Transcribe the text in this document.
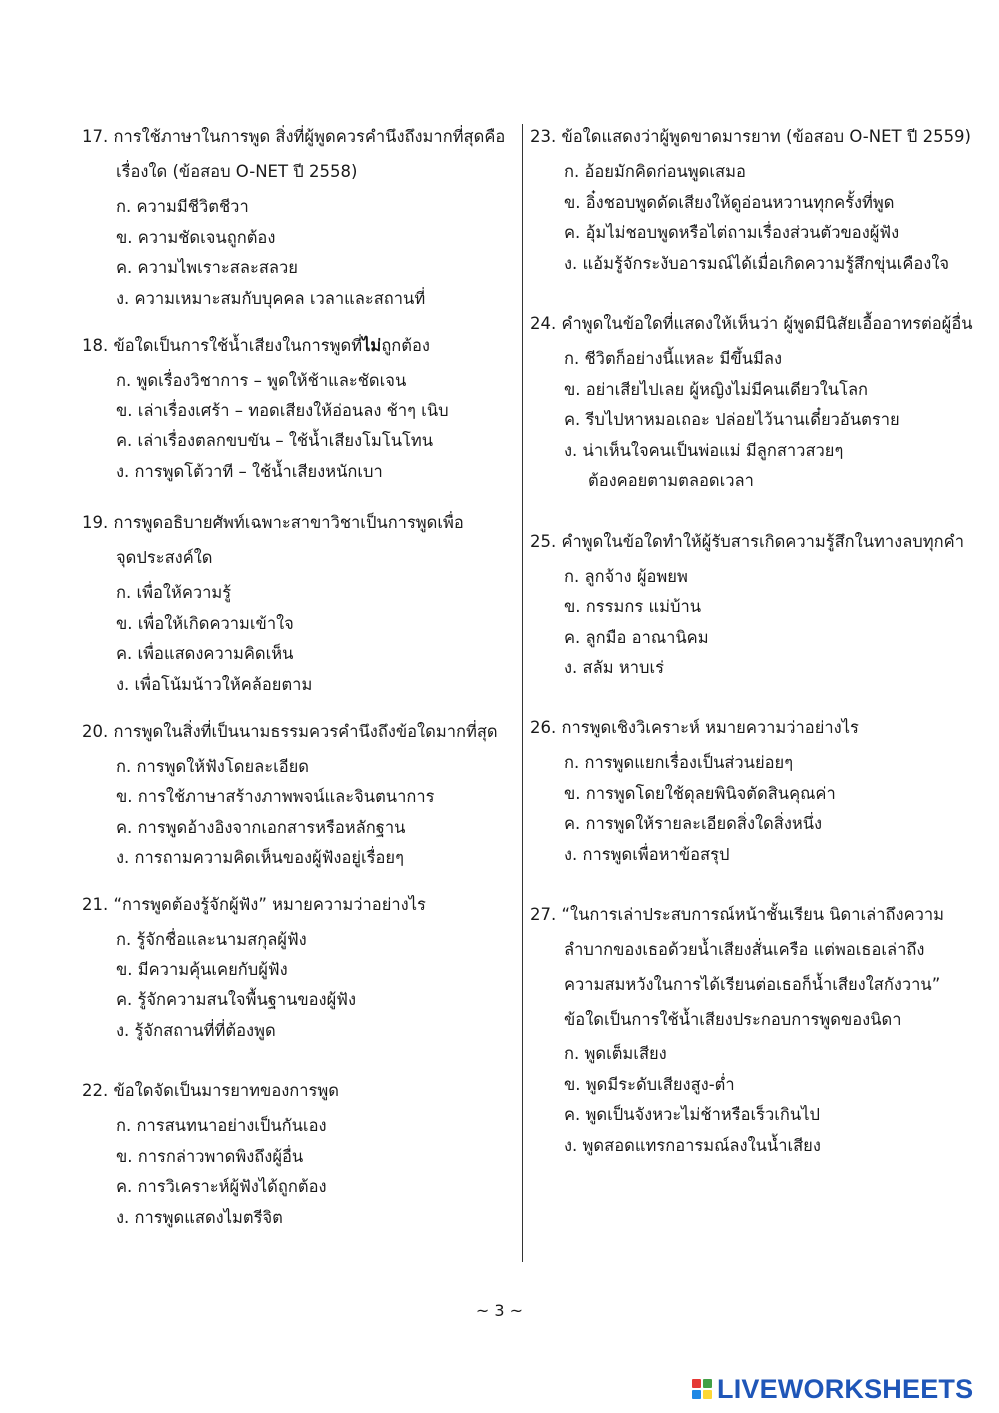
17. การใช้ภาษาในการพูด สิ่งที่ผู้พูดควรคำนึงถึงมากที่สุดคือ
เรื่องใด (ข้อสอบ O-NET ปี 2558)
ก. ความมีชีวิตชีวา
ข. ความชัดเจนถูกต้อง
ค. ความไพเราะสละสลวย
ง. ความเหมาะสมกับบุคคล เวลาและสถานที่
18. ข้อใดเป็นการใช้น้ำเสียงในการพูดที่ไม่ถูกต้อง
ก. พูดเรื่องวิชาการ – พูดให้ช้าและชัดเจน
ข. เล่าเรื่องเศร้า – ทอดเสียงให้อ่อนลง ช้าๆ เนิบ
ค. เล่าเรื่องตลกขบขัน – ใช้น้ำเสียงโมโนโทน
ง. การพูดโต้วาที – ใช้น้ำเสียงหนักเบา
19. การพูดอธิบายศัพท์เฉพาะสาขาวิชาเป็นการพูดเพื่อ
จุดประสงค์ใด
ก. เพื่อให้ความรู้
ข. เพื่อให้เกิดความเข้าใจ
ค. เพื่อแสดงความคิดเห็น
ง. เพื่อโน้มน้าวให้คล้อยตาม
20. การพูดในสิ่งที่เป็นนามธรรมควรคำนึงถึงข้อใดมากที่สุด
ก. การพูดให้ฟังโดยละเอียด
ข. การใช้ภาษาสร้างภาพพจน์และจินตนาการ
ค. การพูดอ้างอิงจากเอกสารหรือหลักฐาน
ง. การถามความคิดเห็นของผู้ฟังอยู่เรื่อยๆ
21. “การพูดต้องรู้จักผู้ฟัง” หมายความว่าอย่างไร
ก. รู้จักชื่อและนามสกุลผู้ฟัง
ข. มีความคุ้นเคยกับผู้ฟัง
ค. รู้จักความสนใจพื้นฐานของผู้ฟัง
ง. รู้จักสถานที่ที่ต้องพูด
22. ข้อใดจัดเป็นมารยาทของการพูด
ก. การสนทนาอย่างเป็นกันเอง
ข. การกล่าวพาดพิงถึงผู้อื่น
ค. การวิเคราะห์ผู้ฟังได้ถูกต้อง
ง. การพูดแสดงไมตรีจิต
23. ข้อใดแสดงว่าผู้พูดขาดมารยาท (ข้อสอบ O-NET ปี 2559)
ก. อ้อยมักคิดก่อนพูดเสมอ
ข. อิ๋งชอบพูดดัดเสียงให้ดูอ่อนหวานทุกครั้งที่พูด
ค. อุ้มไม่ชอบพูดหรือไต่ถามเรื่องส่วนตัวของผู้ฟัง
ง. แอ้มรู้จักระงับอารมณ์ได้เมื่อเกิดความรู้สึกขุ่นเคืองใจ
24. คำพูดในข้อใดที่แสดงให้เห็นว่า ผู้พูดมีนิสัยเอื้ออาทรต่อผู้อื่น
ก. ชีวิตก็อย่างนี้แหละ มีขึ้นมีลง
ข. อย่าเสียไปเลย ผู้หญิงไม่มีคนเดียวในโลก
ค. รีบไปหาหมอเถอะ ปล่อยไว้นานเดี๋ยวอันตราย
ง. น่าเห็นใจคนเป็นพ่อแม่ มีลูกสาวสวยๆ
ต้องคอยตามตลอดเวลา
25. คำพูดในข้อใดทำให้ผู้รับสารเกิดความรู้สึกในทางลบทุกคำ
ก. ลูกจ้าง ผู้อพยพ
ข. กรรมกร แม่บ้าน
ค. ลูกมือ อาณานิคม
ง. สลัม หาบเร่
26. การพูดเชิงวิเคราะห์ หมายความว่าอย่างไร
ก. การพูดแยกเรื่องเป็นส่วนย่อยๆ
ข. การพูดโดยใช้ดุลยพินิจตัดสินคุณค่า
ค. การพูดให้รายละเอียดสิ่งใดสิ่งหนึ่ง
ง. การพูดเพื่อหาข้อสรุป
27. “ในการเล่าประสบการณ์หน้าชั้นเรียน นิดาเล่าถึงความ
ลำบากของเธอด้วยน้ำเสียงสั่นเครือ แต่พอเธอเล่าถึง
ความสมหวังในการได้เรียนต่อเธอก็น้ำเสียงใสกังวาน”
ข้อใดเป็นการใช้น้ำเสียงประกอบการพูดของนิดา
ก. พูดเต็มเสียง
ข. พูดมีระดับเสียงสูง-ต่ำ
ค. พูดเป็นจังหวะไม่ช้าหรือเร็วเกินไป
ง. พูดสอดแทรกอารมณ์ลงในน้ำเสียง
~ 3 ~
LIVEWORKSHEETS
